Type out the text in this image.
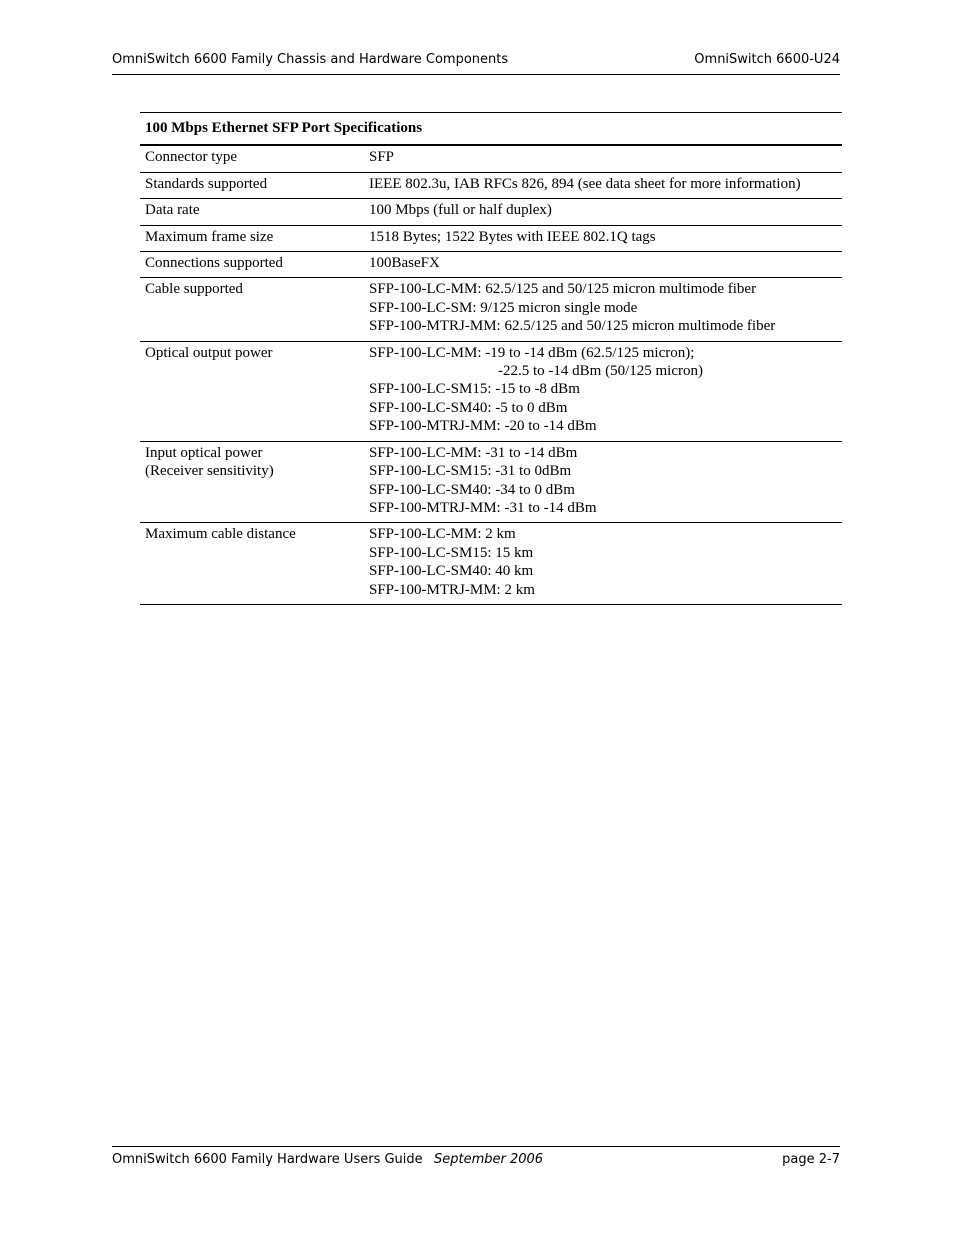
OmniSwitch 6600 Family Chassis and Hardware Components	OmniSwitch 6600-U24
100 Mbps Ethernet SFP Port Specifications	

Connector type	SFP

Standards supported	IEEE 802.3u, IAB RFCs 826, 894 (see data sheet for more information)

Data rate	100 Mbps (full or half duplex)

Maximum frame size	1518 Bytes; 1522 Bytes with IEEE 802.1Q tags

Connections supported	100BaseFX

Cable supported	SFP-100-LC-MM: 62.5/125 and 50/125 micron multimode fiber
SFP-100-LC-SM: 9/125 micron single mode
SFP-100-MTRJ-MM: 62.5/125 and 50/125 micron multimode fiber

Optical output power	SFP-100-LC-MM: -19 to -14 dBm (62.5/125 micron);
-22.5 to -14 dBm (50/125 micron)
SFP-100-LC-SM15: -15 to -8 dBm
SFP-100-LC-SM40: -5 to 0 dBm
SFP-100-MTRJ-MM: -20 to -14 dBm

Input optical power
(Receiver sensitivity)	SFP-100-LC-MM: -31 to -14 dBm
SFP-100-LC-SM15: -31 to 0dBm
SFP-100-LC-SM40: -34 to 0 dBm
SFP-100-MTRJ-MM: -31 to -14 dBm

Maximum cable distance	SFP-100-LC-MM: 2 km
SFP-100-LC-SM15: 15 km
SFP-100-LC-SM40: 40 km
SFP-100-MTRJ-MM: 2 km
OmniSwitch 6600 Family Hardware Users Guide September 2006	page 2-7
